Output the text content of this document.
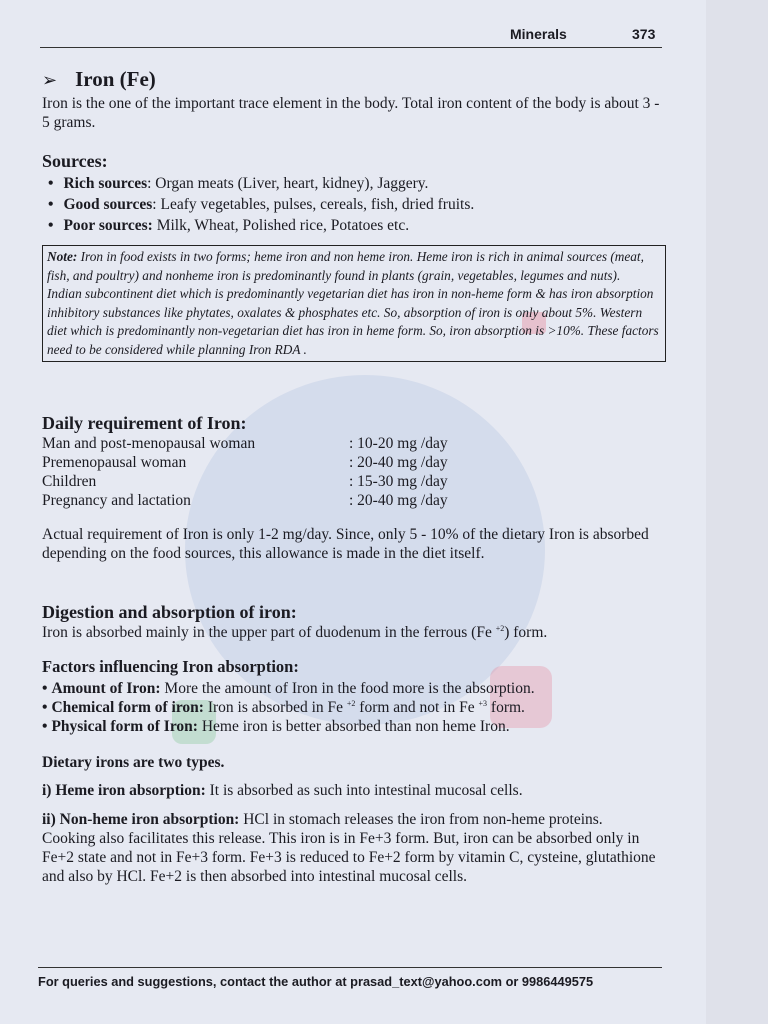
Minerals	373
➢ Iron (Fe)

Iron is the one of the important trace element in the body. Total iron content of the body is about 3 - 5 grams.

Sources:
• Rich sources: Organ meats (Liver, heart, kidney), Jaggery.
• Good sources: Leafy vegetables, pulses, cereals, fish, dried fruits.
• Poor sources: Milk, Wheat, Polished rice, Potatoes etc.
Note: Iron in food exists in two forms; heme iron and non heme iron. Heme iron is rich in animal sources (meat, fish, and poultry) and nonheme iron is predominantly found in plants (grain, vegetables, legumes and nuts).
Indian subcontinent diet which is predominantly vegetarian diet has iron in non-heme form & has iron absorption inhibitory substances like phytates, oxalates & phosphates etc. So, absorption of iron is only about 5%. Western diet which is predominantly non-vegetarian diet has iron in heme form. So, iron absorption is >10%. These factors need to be considered while planning Iron RDA .
Daily requirement of Iron:
Man and post-menopausal woman	: 10-20 mg /day
Premenopausal woman	: 20-40 mg /day
Children	: 15-30 mg /day
Pregnancy and lactation	: 20-40 mg /day

Actual requirement of Iron is only 1-2 mg/day. Since, only 5 - 10% of the dietary Iron is absorbed depending on the food sources, this allowance is made in the diet itself.

Digestion and absorption of iron:

Iron is absorbed mainly in the upper part of duodenum in the ferrous (Fe $^{+2}$) form.

Factors influencing Iron absorption:
• Amount of Iron: More the amount of Iron in the food more is the absorption.
• Chemical form of iron: Iron is absorbed in Fe $^{+2}$ form and not in Fe $^{+3}$ form.
• Physical form of Iron: Heme iron is better absorbed than non heme Iron.
Dietary irons are two types.

i) Heme iron absorption: It is absorbed as such into intestinal mucosal cells.

ii) Non-heme iron absorption: HCl in stomach releases the iron from non-heme proteins.
Cooking also facilitates this release. This iron is in Fe+3 form. But, iron can be absorbed only in Fe+2 state and not in Fe+3 form. Fe+3 is reduced to Fe+2 form by vitamin C, cysteine, glutathione and also by HCl. Fe+2 is then absorbed into intestinal mucosal cells.

For queries and suggestions, contact the author at prasad_text@yahoo.com or 9986449575
